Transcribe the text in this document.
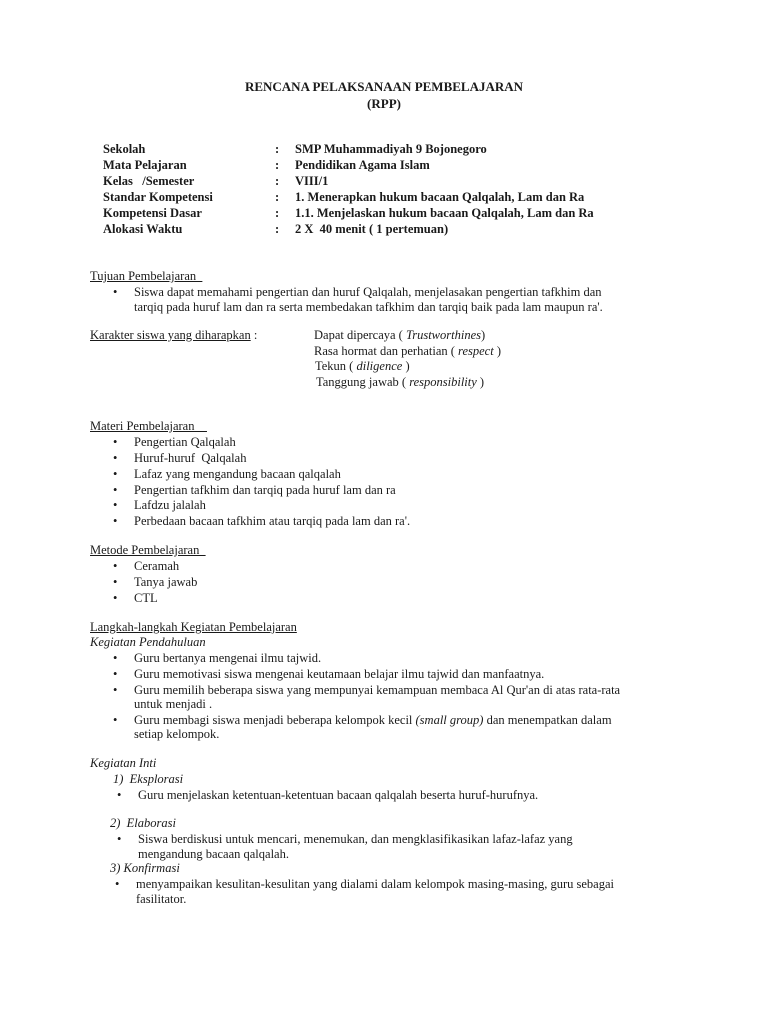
RENCANA PELAKSANAAN PEMBELAJARAN
(RPP)
Sekolah	: SMP Muhammadiyah 9 Bojonegoro
Mata Pelajaran	: Pendidikan Agama Islam
Kelas   /Semester	: VIII/1
Standar Kompetensi	: 1. Menerapkan hukum bacaan Qalqalah, Lam dan Ra
Kompetensi Dasar	: 1.1. Menjelaskan hukum bacaan Qalqalah, Lam dan Ra
Alokasi Waktu	: 2 X  40 menit ( 1 pertemuan)
Tujuan Pembelajaran
• Siswa dapat memahami pengertian dan huruf Qalqalah, menjelasakan pengertian tafkhim dan
tarqiq pada huruf lam dan ra serta membedakan tafkhim dan tarqiq baik pada lam maupun ra'.
Karakter siswa yang diharapkan :	Dapat dipercaya ( Trustworthines)
Rasa hormat dan perhatian ( respect )
Tekun ( diligence )
Tanggung jawab ( responsibility )
Materi Pembelajaran
• Pengertian Qalqalah
• Huruf-huruf  Qalqalah
• Lafaz yang mengandung bacaan qalqalah
• Pengertian tafkhim dan tarqiq pada huruf lam dan ra
• Lafdzu jalalah
• Perbedaan bacaan tafkhim atau tarqiq pada lam dan ra'.
Metode Pembelajaran
• Ceramah
• Tanya jawab
• CTL
Langkah-langkah Kegiatan Pembelajaran
Kegiatan Pendahuluan
• Guru bertanya mengenai ilmu tajwid.
• Guru memotivasi siswa mengenai keutamaan belajar ilmu tajwid dan manfaatnya.
• Guru memilih beberapa siswa yang mempunyai kemampuan membaca Al Qur'an di atas rata-rata
untuk menjadi .
• Guru membagi siswa menjadi beberapa kelompok kecil (small group) dan menempatkan dalam
setiap kelompok.
Kegiatan Inti
1)  Eksplorasi
• Guru menjelaskan ketentuan-ketentuan bacaan qalqalah beserta huruf-hurufnya.
2)  Elaborasi
• Siswa berdiskusi untuk mencari, menemukan, dan mengklasifikasikan lafaz-lafaz yang
mengandung bacaan qalqalah.
3) Konfirmasi
• menyampaikan kesulitan-kesulitan yang dialami dalam kelompok masing-masing, guru sebagai
fasilitator.
